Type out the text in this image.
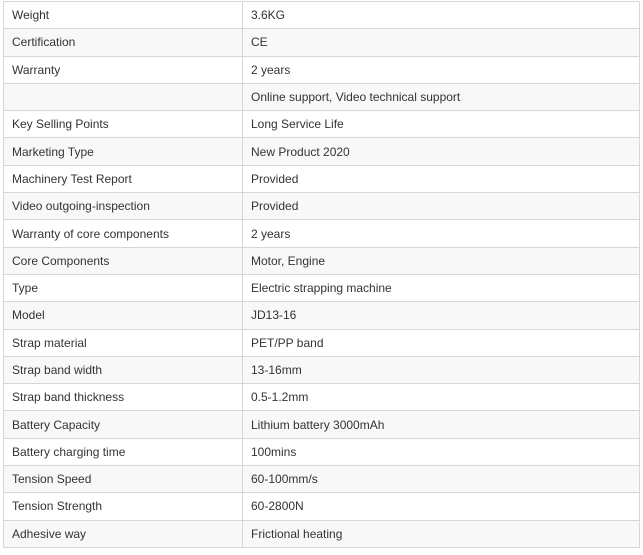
Weight	3.6KG
Certification	CE
Warranty	2 years
	Online support, Video technical support
Key Selling Points	Long Service Life
Marketing Type	New Product 2020
Machinery Test Report	Provided
Video outgoing-inspection	Provided
Warranty of core components	2 years
Core Components	Motor, Engine
Type	Electric strapping machine
Model	JD13-16
Strap material	PET/PP band
Strap band width	13-16mm
Strap band thickness	0.5-1.2mm
Battery Capacity	Lithium battery 3000mAh
Battery charging time	100mins
Tension Speed	60-100mm/s
Tension Strength	60-2800N
Adhesive way	Frictional heating
